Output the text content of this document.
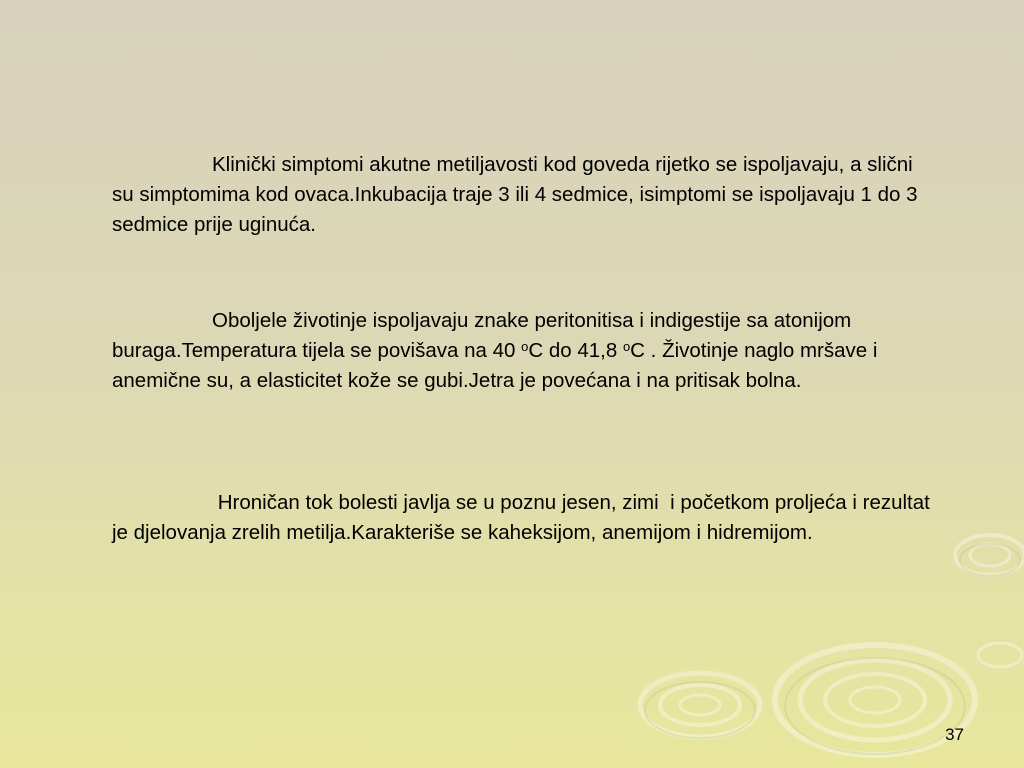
Klinički simptomi akutne metiljavosti kod goveda rijetko se ispoljavaju, a slični su simptomima kod ovaca.Inkubacija traje 3 ili 4 sedmice, isimptomi se ispoljavaju 1 do 3 sedmice prije uginuća.

Oboljele životinje ispoljavaju znake peritonitisa i indigestije sa atonijom buraga.Temperatura tijela se povišava na 40 $^o$C do 41,8 $^o$C . Životinje naglo mršave i anemične su, a elasticitet kože se gubi.Jetra je povećana i na pritisak bolna.

Hroničan tok bolesti javlja se u poznu jesen, zimi  i početkom proljeća i rezultat je djelovanja zrelih metilja.Karakteriše se kaheksijom, anemijom i hidremijom.

37
